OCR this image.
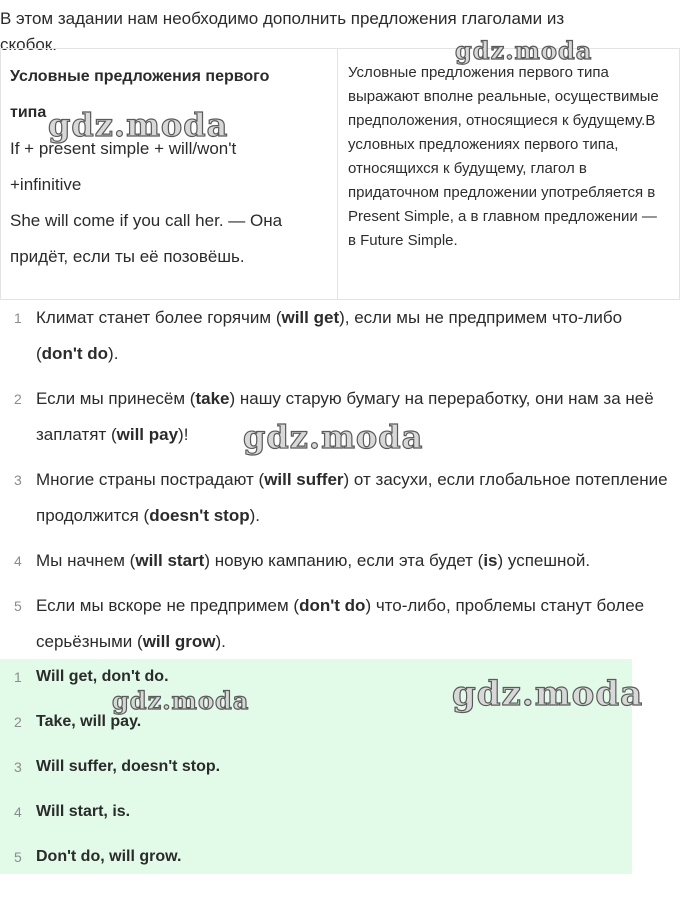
В этом задании нам необходимо дополнить предложения глаголами из
скобок.
Условные предложения первого типа
If + present simple + will/won't
+infinitive
She will come if you call her. — Она
придёт, если ты её позовёшь.
Условные предложения первого типа выражают вполне реальные, осуществимые предположения, относящиеся к будущему.В условных предложениях первого типа, относящихся к будущему, глагол в придаточном предложении употребляется в Present Simple, а в главном предложении — в Future Simple.
1 Климат станет более горячим (will get), если мы не предпримем что-либо (don't do).
2 Если мы принесём (take) нашу старую бумагу на переработку, они нам за неё заплатят (will pay)!
3 Многие страны пострадают (will suffer) от засухи, если глобальное потепление продолжится (doesn't stop).
4 Мы начнем (will start) новую кампанию, если эта будет (is) успешной.
5 Если мы вскоре не предпримем (don't do) что-либо, проблемы станут более серьёзными (will grow).
1 Will get, don't do.
2 Take, will pay.
3 Will suffer, doesn't stop.
4 Will start, is.
5 Don't do, will grow.
gdz.moda
gdz.moda
gdz.moda
gdz.moda
gdz.moda
